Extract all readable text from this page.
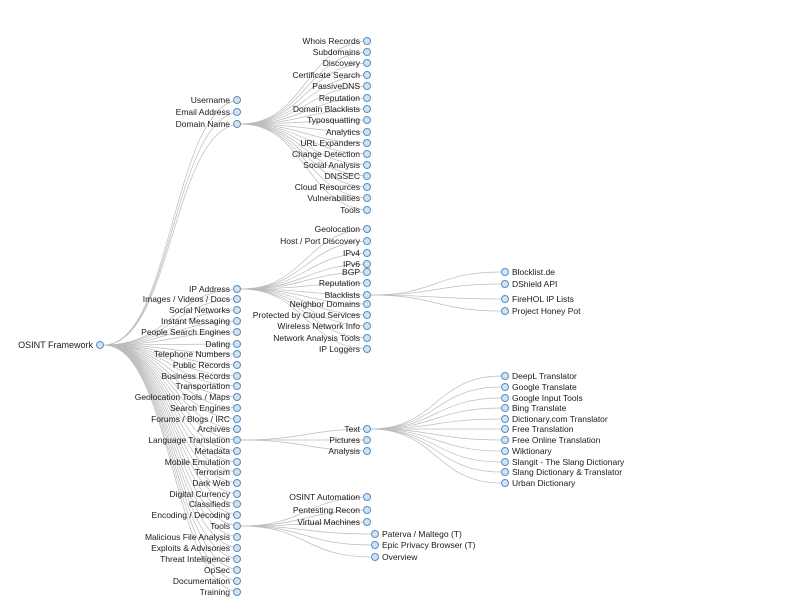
OSINT Framework
Username
Email Address
Domain Name
Whois Records
Subdomains
Discovery
Certificate Search
PassiveDNS
Reputation
Domain Blacklists
Typosquatting
Analytics
URL Expanders
Change Detection
Social Analysis
DNSSEC
Cloud Resources
Vulnerabilities
Tools
IP Address
Geolocation
Host / Port Discovery
IPv4
IPv6
BGP
Reputation
Blacklists
Neighbor Domains
Protected by Cloud Services
Wireless Network Info
Network Analysis Tools
IP Loggers
Blocklist.de
DShield API
FireHOL IP Lists
Project Honey Pot
Images / Videos / Docs
Social Networks
Instant Messaging
People Search Engines
Dating
Telephone Numbers
Public Records
Business Records
Transportation
Geolocation Tools / Maps
Search Engines
Forums / Blogs / IRC
Archives
Language Translation
Metadata
Mobile Emulation
Terrorism
Dark Web
Digital Currency
Classifieds
Encoding / Decoding
Tools
Malicious File Analysis
Exploits & Advisories
Threat Intelligence
OpSec
Documentation
Training
Text
Pictures
Analysis
DeepL Translator
Google Translate
Google Input Tools
Bing Translate
Dictionary.com Translator
Free Translation
Free Online Translation
Wiktionary
Slangit - The Slang Dictionary
Slang Dictionary & Translator
Urban Dictionary
OSINT Automation
Pentesting Recon
Virtual Machines
Paterva / Maltego (T)
Epic Privacy Browser (T)
Overview
